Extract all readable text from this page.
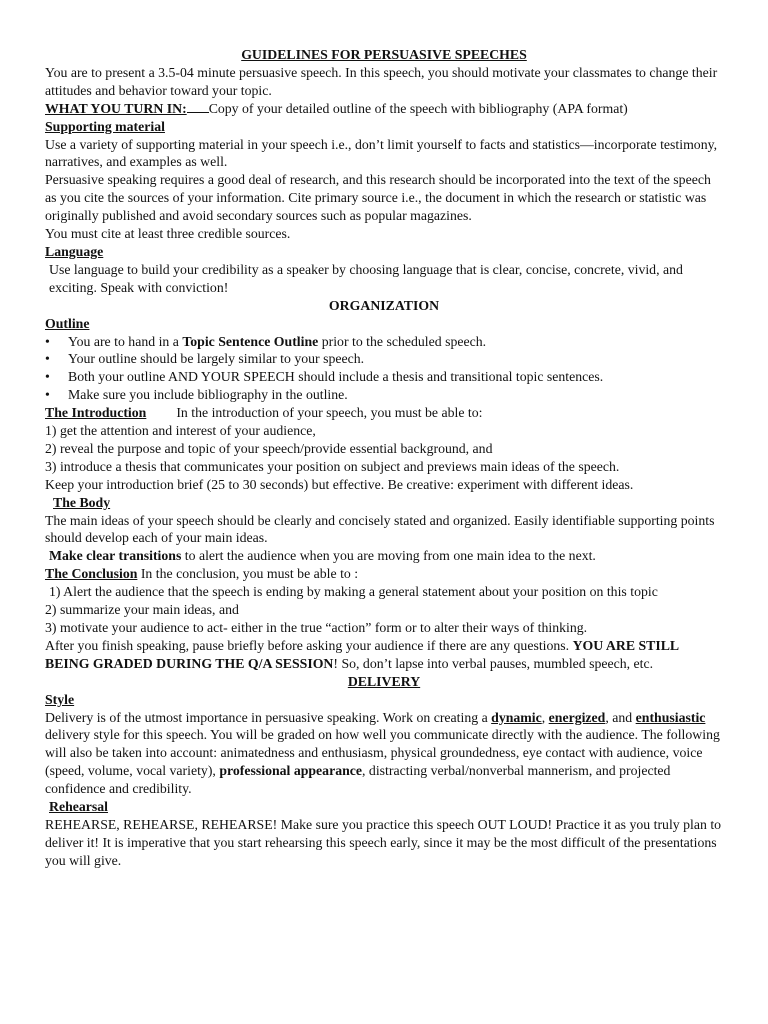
GUIDELINES FOR PERSUASIVE SPEECHES

You are to present a 3.5-04 minute persuasive speech. In this speech, you should motivate your classmates to change their attitudes and behavior toward your topic.

WHAT YOU TURN IN: Copy of your detailed outline of the speech with bibliography (APA format)

Supporting material

Use a variety of supporting material in your speech i.e., don’t limit yourself to facts and statistics—incorporate testimony, narratives, and examples as well.

Persuasive speaking requires a good deal of research, and this research should be incorporated into the text of the speech as you cite the sources of your information. Cite primary source i.e., the document in which the research or statistic was originally published and avoid secondary sources such as popular magazines.

You must cite at least three credible sources.

Language

Use language to build your credibility as a speaker by choosing language that is clear, concise, concrete, vivid, and exciting. Speak with conviction!

ORGANIZATION

Outline

• You are to hand in a Topic Sentence Outline prior to the scheduled speech.
• Your outline should be largely similar to your speech.
• Both your outline AND YOUR SPEECH should include a thesis and transitional topic sentences.
• Make sure you include bibliography in the outline.

The Introduction In the introduction of your speech, you must be able to:

1) get the attention and interest of your audience,

2) reveal the purpose and topic of your speech/provide essential background, and

3) introduce a thesis that communicates your position on subject and previews main ideas of the speech.

Keep your introduction brief (25 to 30 seconds) but effective. Be creative: experiment with different ideas.

The Body

The main ideas of your speech should be clearly and concisely stated and organized. Easily identifiable supporting points should develop each of your main ideas.

Make clear transitions to alert the audience when you are moving from one main idea to the next.

The Conclusion In the conclusion, you must be able to :

1) Alert the audience that the speech is ending by making a general statement about your position on this topic

2) summarize your main ideas, and

3) motivate your audience to act- either in the true “action” form or to alter their ways of thinking.

After you finish speaking, pause briefly before asking your audience if there are any questions. YOU ARE STILL BEING GRADED DURING THE Q/A SESSION! So, don’t lapse into verbal pauses, mumbled speech, etc.

DELIVERY

Style

Delivery is of the utmost importance in persuasive speaking. Work on creating a dynamic, energized, and enthusiastic delivery style for this speech. You will be graded on how well you communicate directly with the audience. The following will also be taken into account: animatedness and enthusiasm, physical groundedness, eye contact with audience, voice (speed, volume, vocal variety), professional appearance, distracting verbal/nonverbal mannerism, and projected confidence and credibility.

Rehearsal

REHEARSE, REHEARSE, REHEARSE! Make sure you practice this speech OUT LOUD! Practice it as you truly plan to deliver it! It is imperative that you start rehearsing this speech early, since it may be the most difficult of the presentations you will give.
